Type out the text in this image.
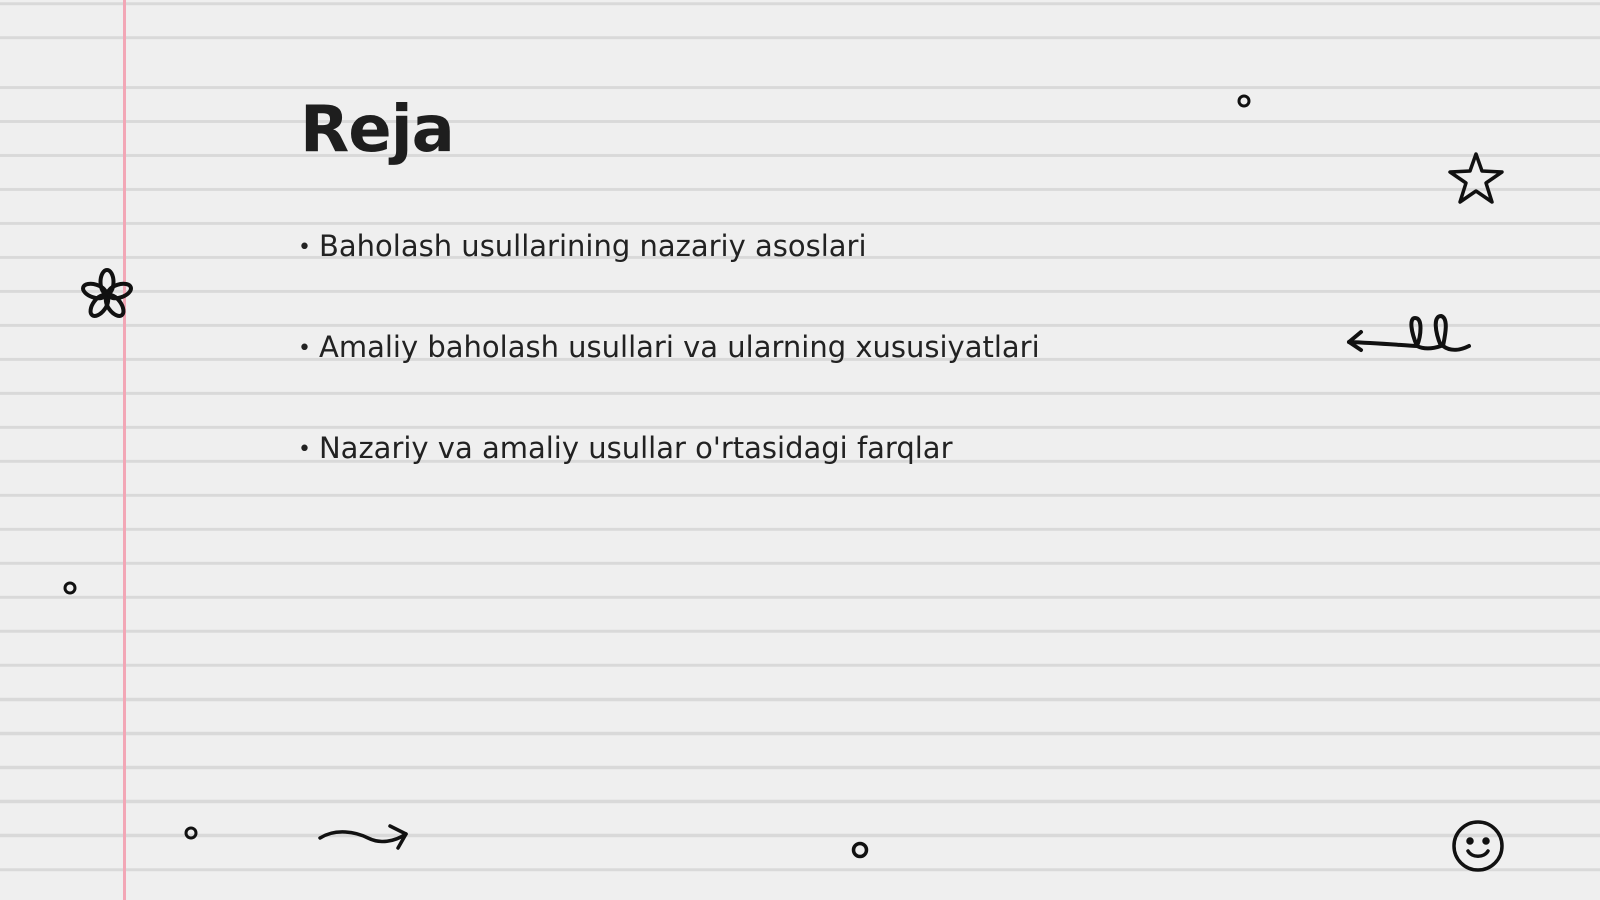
Reja
• Baholash usullarining nazariy asoslari
• Amaliy baholash usullari va ularning xususiyatlari
• Nazariy va amaliy usullar o'rtasidagi farqlar
